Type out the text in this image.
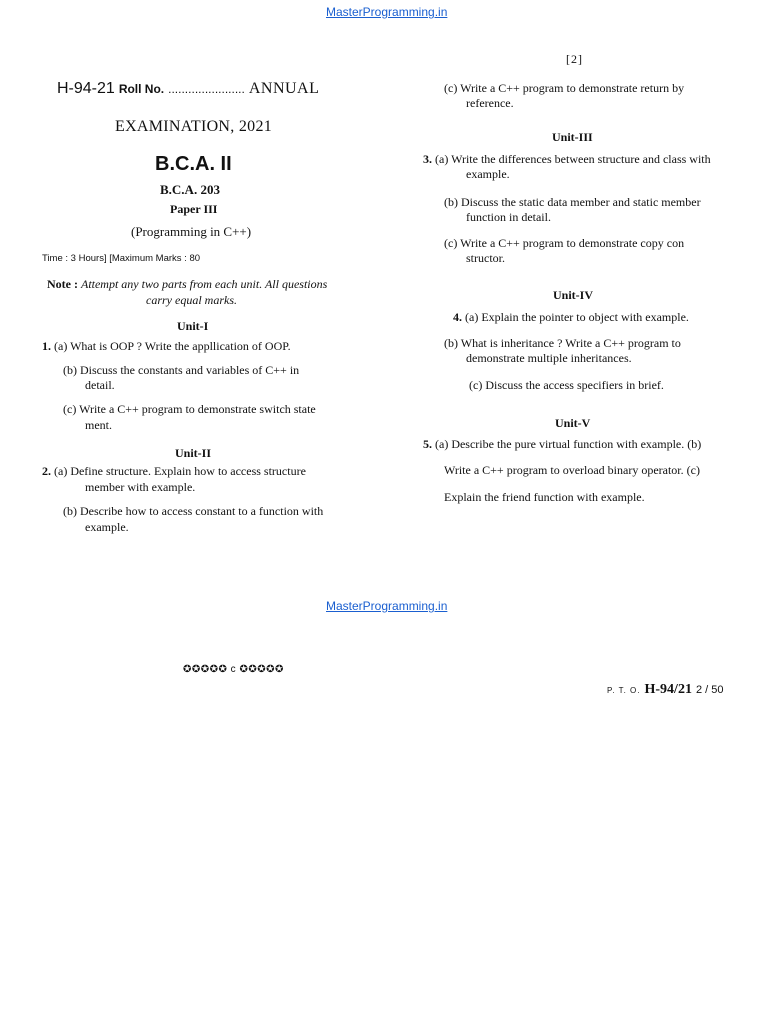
MasterProgramming.in
[2]
H-94-21 Roll No. ....................... ANNUAL
EXAMINATION, 2021
B.C.A. II
B.C.A. 203
Paper III
(Programming in C++)
Time : 3 Hours] [Maximum Marks : 80
Note : Attempt any two parts from each unit. All questions
carry equal marks.
Unit-I
1. (a) What is OOP ? Write the appllication of OOP.
(b) Discuss the constants and variables of C++ in
detail.
(c) Write a C++ program to demonstrate switch state
ment.
Unit-II
2. (a) Define structure. Explain how to access structure
member with example.
(b) Describe how to access constant to a function with
example.
(c) Write a C++ program to demonstrate return by
reference.
Unit-III
3. (a) Write the differences between structure and class with
example.
(b) Discuss the static data member and static member
function in detail.
(c) Write a C++ program to demonstrate copy con
structor.
Unit-IV
4. (a) Explain the pointer to object with example.
(b) What is inheritance ? Write a C++ program to
demonstrate multiple inheritances.
(c) Discuss the access specifiers in brief.
Unit-V
5. (a) Describe the pure virtual function with example. (b)
Write a C++ program to overload binary operator. (c)
Explain the friend function with example.
MasterProgramming.in
✪✪✪✪✪ c ✪✪✪✪✪
P. T. O. H-94/21 2 / 50
